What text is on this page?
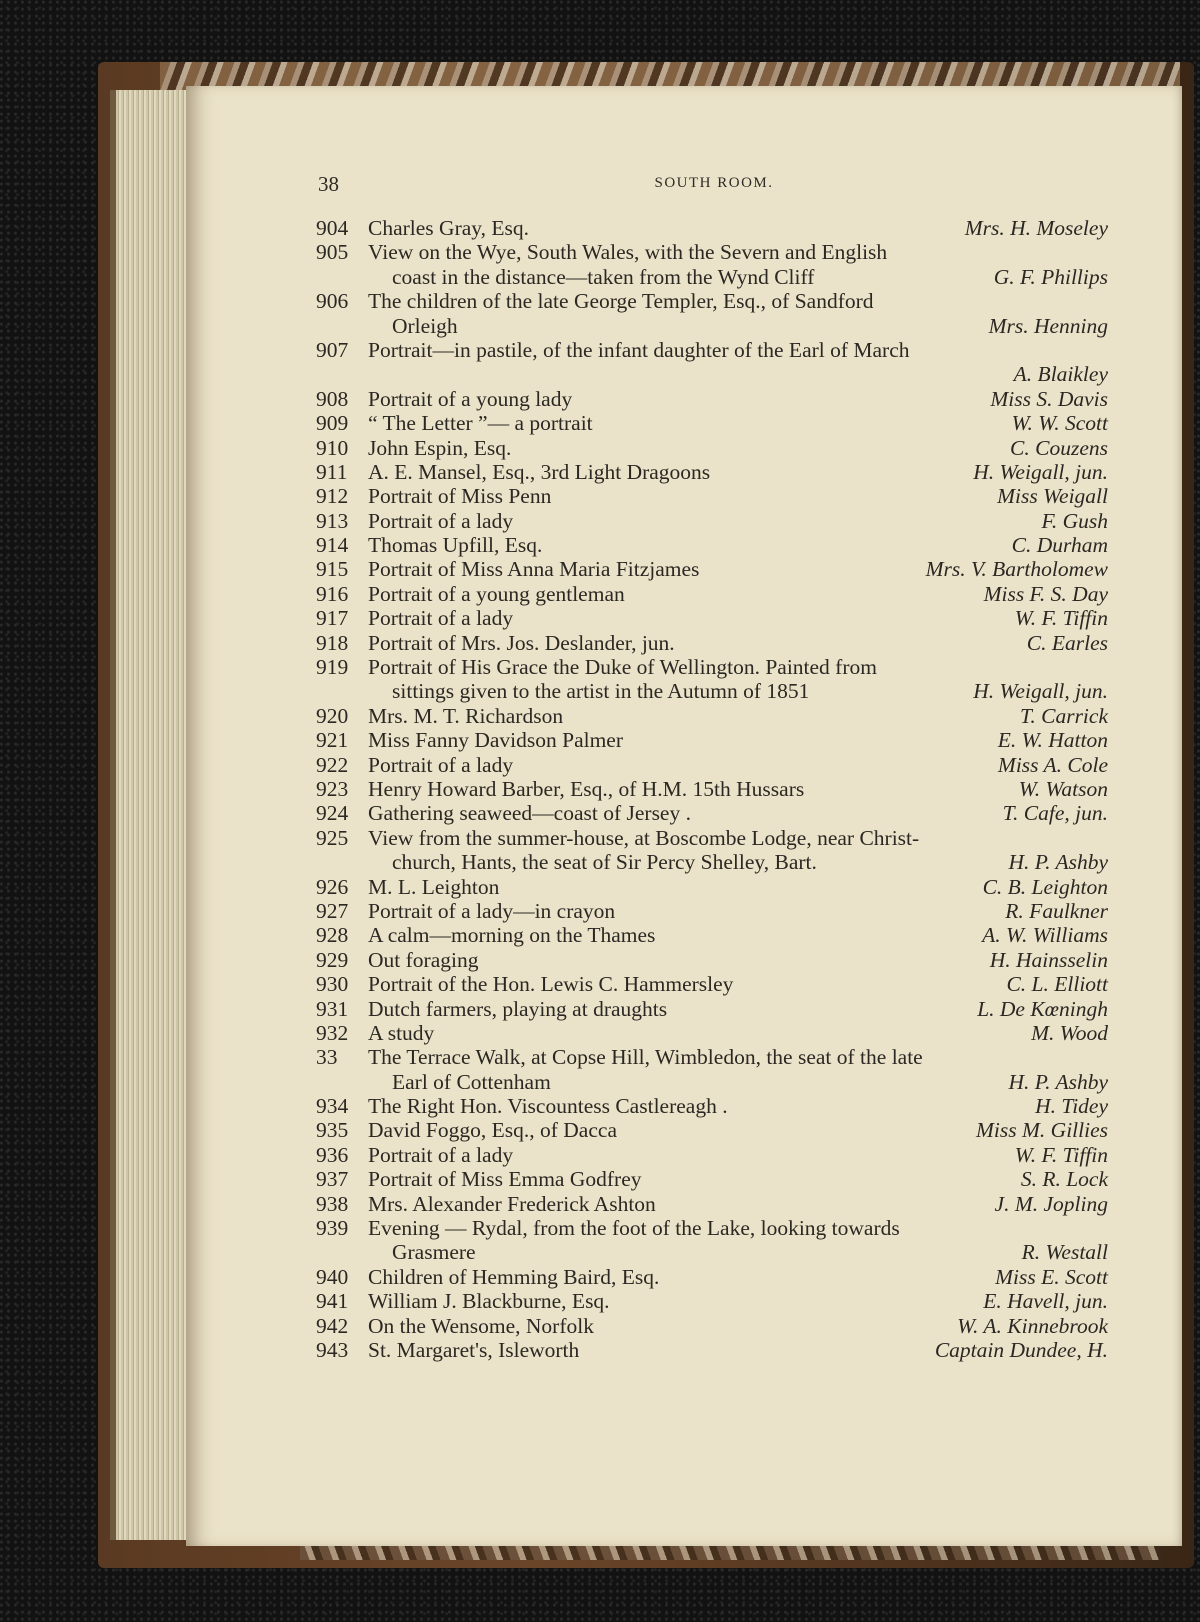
38	SOUTH ROOM.
904 Charles Gray, Esq.	Mrs. H. Moseley
905 View on the Wye, South Wales, with the Severn and English
coast in the distance—taken from the Wynd Cliff	G. F. Phillips
906 The children of the late George Templer, Esq., of Sandford
Orleigh	Mrs. Henning
907 Portrait—in pastile, of the infant daughter of the Earl of March
A. Blaikley
908 Portrait of a young lady	Miss S. Davis
909 “ The Letter ”— a portrait	W. W. Scott
910 John Espin, Esq.	C. Couzens
911 A. E. Mansel, Esq., 3rd Light Dragoons	H. Weigall, jun.
912 Portrait of Miss Penn	Miss Weigall
913 Portrait of a lady	F. Gush
914 Thomas Upfill, Esq.	C. Durham
915 Portrait of Miss Anna Maria Fitzjames	Mrs. V. Bartholomew
916 Portrait of a young gentleman	Miss F. S. Day
917 Portrait of a lady	W. F. Tiffin
918 Portrait of Mrs. Jos. Deslander, jun.	C. Earles
919 Portrait of His Grace the Duke of Wellington. Painted from
sittings given to the artist in the Autumn of 1851	H. Weigall, jun.
920 Mrs. M. T. Richardson	T. Carrick
921 Miss Fanny Davidson Palmer	E. W. Hatton
922 Portrait of a lady	Miss A. Cole
923 Henry Howard Barber, Esq., of H.M. 15th Hussars	W. Watson
924 Gathering seaweed—coast of Jersey .	T. Cafe, jun.
925 View from the summer-house, at Boscombe Lodge, near Christ-
church, Hants, the seat of Sir Percy Shelley, Bart.	H. P. Ashby
926 M. L. Leighton	C. B. Leighton
927 Portrait of a lady—in crayon	R. Faulkner
928 A calm—morning on the Thames	A. W. Williams
929 Out foraging	H. Hainsselin
930 Portrait of the Hon. Lewis C. Hammersley	C. L. Elliott
931 Dutch farmers, playing at draughts	L. De Kœningh
932 A study	M. Wood
33	The Terrace Walk, at Copse Hill, Wimbledon, the seat of the late
Earl of Cottenham	H. P. Ashby
934 The Right Hon. Viscountess Castlereagh .	H. Tidey
935 David Foggo, Esq., of Dacca	Miss M. Gillies
936 Portrait of a lady	W. F. Tiffin
937 Portrait of Miss Emma Godfrey	S. R. Lock
938 Mrs. Alexander Frederick Ashton	J. M. Jopling
939 Evening — Rydal, from the foot of the Lake, looking towards
Grasmere	R. Westall
940 Children of Hemming Baird, Esq.	Miss E. Scott
941 William J. Blackburne, Esq.	E. Havell, jun.
942 On the Wensome, Norfolk	W. A. Kinnebrook
943 St. Margaret's, Isleworth	Captain Dundee, H.
